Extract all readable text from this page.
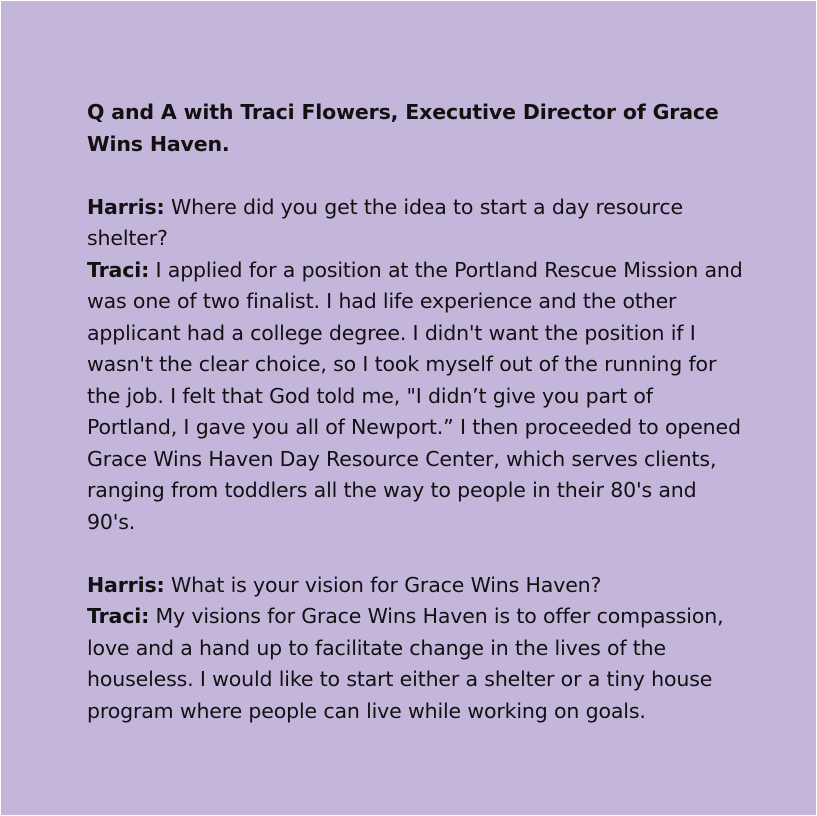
Q and A with Traci Flowers, Executive Director of Grace Wins Haven.

Harris: Where did you get the idea to start a day resource shelter?

Traci: I applied for a position at the Portland Rescue Mission and was one of two finalist. I had life experience and the other applicant had a college degree. I didn't want the position if I wasn't the clear choice, so I took myself out of the running for the job. I felt that God told me, "I didn’t give you part of Portland, I gave you all of Newport.” I then proceeded to opened Grace Wins Haven Day Resource Center, which serves clients, ranging from toddlers all the way to people in their 80's and 90's.

Harris: What is your vision for Grace Wins Haven?

Traci: My visions for Grace Wins Haven is to offer compassion, love and a hand up to facilitate change in the lives of the houseless. I would like to start either a shelter or a tiny house program where people can live while working on goals.
